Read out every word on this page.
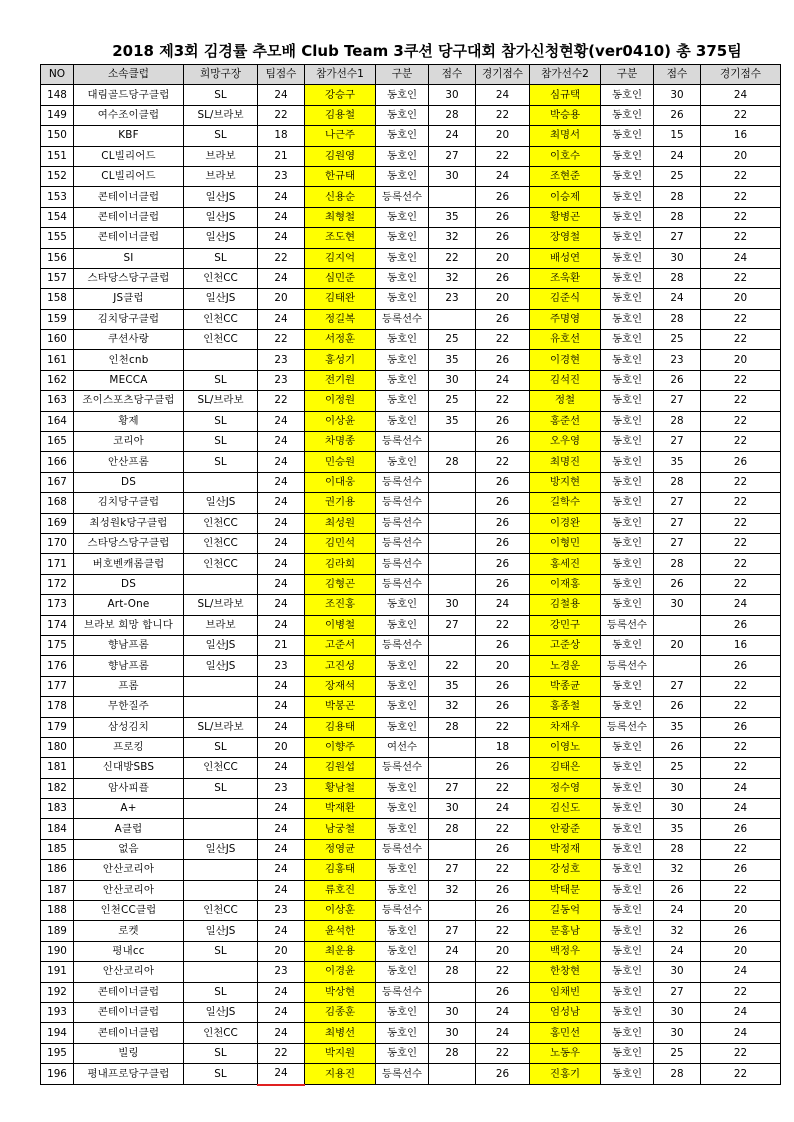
2018 제3회 김경률 추모배 Club Team 3쿠션 당구대회 참가신청현황(ver0410) 총 375팀
NO	소속클럽	희망구장	팀점수	참가선수1	구분	점수	경기점수	참가선수2	구분	점수	경기점수
148	대림골드당구클럽	SL	24	강승구	동호인	30	24	심규택	동호인	30	24
149	여수조이클럽	SL/브라보	22	김용철	동호인	28	22	박승용	동호인	26	22
150	KBF	SL	18	나근주	동호인	24	20	최명서	동호인	15	16
151	CL빌리어드	브라보	21	김원영	동호인	27	22	이호수	동호인	24	20
152	CL빌리어드	브라보	23	한규태	동호인	30	24	조현준	동호인	25	22
153	콘테이너클럽	일산JS	24	신용순	등록선수		26	이승제	동호인	28	22
154	콘테이너클럽	일산JS	24	최형철	동호인	35	26	황병곤	동호인	28	22
155	콘테이너클럽	일산JS	24	조도현	동호인	32	26	장영철	동호인	27	22
156	SI	SL	22	김지억	동호인	22	20	배성연	동호인	30	24
157	스타당스당구클럽	인천CC	24	심민준	동호인	32	26	조욱환	동호인	28	22
158	JS클럽	일산JS	20	김태완	동호인	23	20	김준식	동호인	24	20
159	김치당구클럽	인천CC	24	정길복	등록선수		26	주명영	동호인	28	22
160	쿠션사랑	인천CC	22	서정훈	동호인	25	22	유호선	동호인	25	22
161	인천cnb		23	홍성기	동호인	35	26	이경현	동호인	23	20
162	MECCA	SL	23	전기원	동호인	30	24	김석진	동호인	26	22
163	조이스포츠당구클럽	SL/브라보	22	이정원	동호인	25	22	정철	동호인	27	22
164	황제	SL	24	이상윤	동호인	35	26	홍준선	동호인	28	22
165	코리아	SL	24	차명종	등록선수		26	오우영	동호인	27	22
166	안산프롬	SL	24	민승원	동호인	28	22	최명진	동호인	35	26
167	DS		24	이대웅	등록선수		26	방지현	동호인	28	22
168	김치당구클럽	일산JS	24	권기용	등록선수		26	길학수	동호인	27	22
169	최성원k당구클럽	인천CC	24	최성원	등록선수		26	이경완	동호인	27	22
170	스타당스당구클럽	인천CC	24	김민석	등록선수		26	이형민	동호인	27	22
171	버호벤캐롬클럽	인천CC	24	김라희	등록선수		26	홍세진	동호인	28	22
172	DS		24	김형곤	등록선수		26	이재홍	동호인	26	22
173	Art-One	SL/브라보	24	조진홍	동호인	30	24	김철용	동호인	30	24
174	브라보 희망 합니다	브라보	24	이병철	동호인	27	22	강민구	등록선수		26
175	향남프롬	일산JS	21	고준서	등록선수		26	고준상	동호인	20	16
176	향남프롬	일산JS	23	고진성	동호인	22	20	노경운	등록선수		26
177	프롬		24	장재석	동호인	35	26	박종균	동호인	27	22
178	무한질주		24	박봉곤	동호인	32	26	홍종철	동호인	26	22
179	삼성김치	SL/브라보	24	김용태	동호인	28	22	차재우	등록선수	35	26
180	프로킹	SL	20	이향주	여선수		18	이영노	동호인	26	22
181	신대방SBS	인천CC	24	김원섭	등록선수		26	김태은	동호인	25	22
182	암사피플	SL	23	황남철	동호인	27	22	정수영	동호인	30	24
183	A+		24	박재환	동호인	30	24	김신도	동호인	30	24
184	A클럽		24	남궁철	동호인	28	22	안광준	동호인	35	26
185	없음	일산JS	24	정영균	등록선수		26	박정재	동호인	28	22
186	안산코리아		24	김홍태	동호인	27	22	강성호	동호인	32	26
187	안산코리아		24	류호진	동호인	32	26	박태문	동호인	26	22
188	인천CC클럽	인천CC	23	이상훈	등록선수		26	길동억	동호인	24	20
189	로켓	일산JS	24	윤석한	동호인	27	22	문홍남	동호인	32	26
190	평내cc	SL	20	최운용	동호인	24	20	백정우	동호인	24	20
191	안산코리아		23	이경윤	동호인	28	22	한창현	동호인	30	24
192	콘테이너클럽	SL	24	박상현	등록선수		26	임채빈	동호인	27	22
193	콘테이너클럽	일산JS	24	김종훈	동호인	30	24	엄성남	동호인	30	24
194	콘테이너클럽	인천CC	24	최병선	동호인	30	24	홍민선	동호인	30	24
195	빌링	SL	22	박지원	동호인	28	22	노동우	동호인	25	22
196	평내프로당구클럽	SL	24	지용진	등록선수		26	진홍기	동호인	28	22
